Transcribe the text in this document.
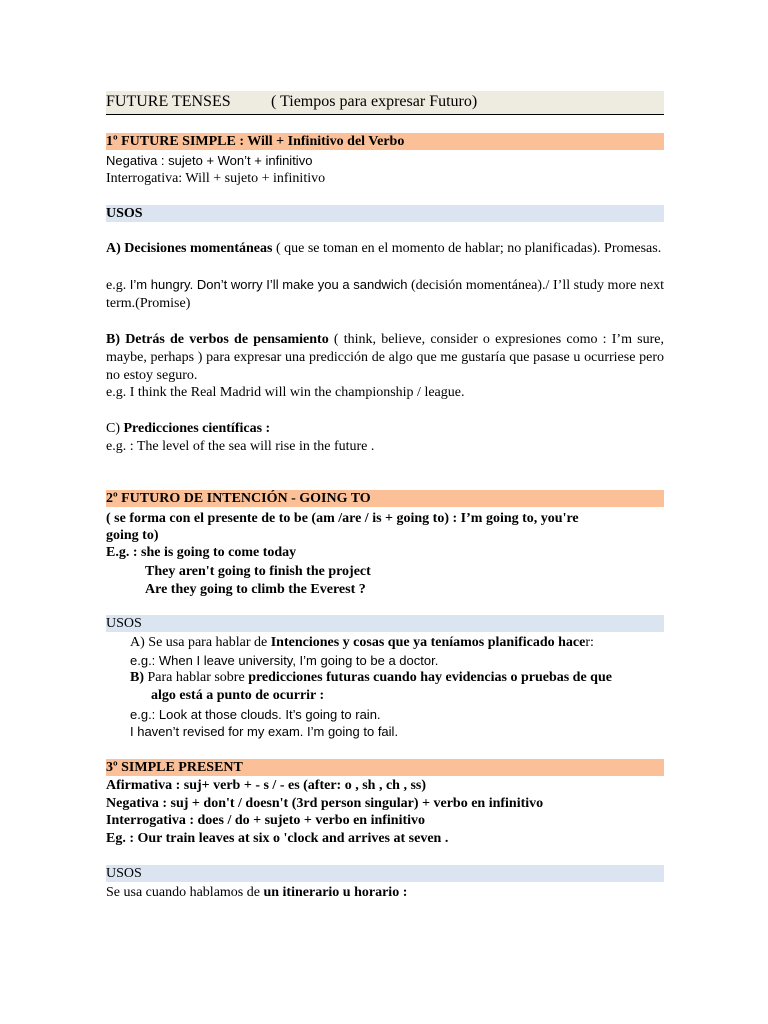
FUTURE TENSES	( Tiempos para expresar Futuro)
1º FUTURE SIMPLE : Will + Infinitivo del Verbo
Negativa : sujeto + Won’t + infinitivo
Interrogativa: Will + sujeto + infinitivo
USOS
A) Decisiones momentáneas ( que se toman en el momento de hablar; no planificadas). Promesas.
e.g. I’m hungry. Don’t worry I’ll make you a sandwich (decisión momentánea)./ I’ll study more next term.(Promise)
B) Detrás de verbos de pensamiento ( think, believe, consider o expresiones como : I’m sure, maybe, perhaps ) para expresar una predicción de algo que me gustaría que pasase u ocurriese pero no estoy seguro.
e.g. I think the Real Madrid will win the championship / league.
C) Predicciones científicas :
e.g. : The level of the sea will rise in the future .
2º FUTURO DE INTENCIÓN - GOING TO
( se forma con el presente de to be (am /are / is + going to) : I’m going to, you're
going to)
E.g. : she is going to come today
They aren't going to finish the project
Are they going to climb the Everest ?
USOS
A) Se usa para hablar de Intenciones y cosas que ya teníamos planificado hacer:
e.g.: When I leave university, I’m going to be a doctor.
B) Para hablar sobre predicciones futuras cuando hay evidencias o pruebas de que
algo está a punto de ocurrir :
e.g.: Look at those clouds. It’s going to rain.
I haven’t revised for my exam. I’m going to fail.
3º SIMPLE PRESENT
Afirmativa : suj+ verb + - s / - es (after: o , sh , ch , ss)
Negativa : suj + don't / doesn't (3rd person singular) + verbo en infinitivo
Interrogativa : does / do + sujeto + verbo en infinitivo
Eg. : Our train leaves at six o 'clock and arrives at seven .
USOS
Se usa cuando hablamos de un itinerario u horario :
